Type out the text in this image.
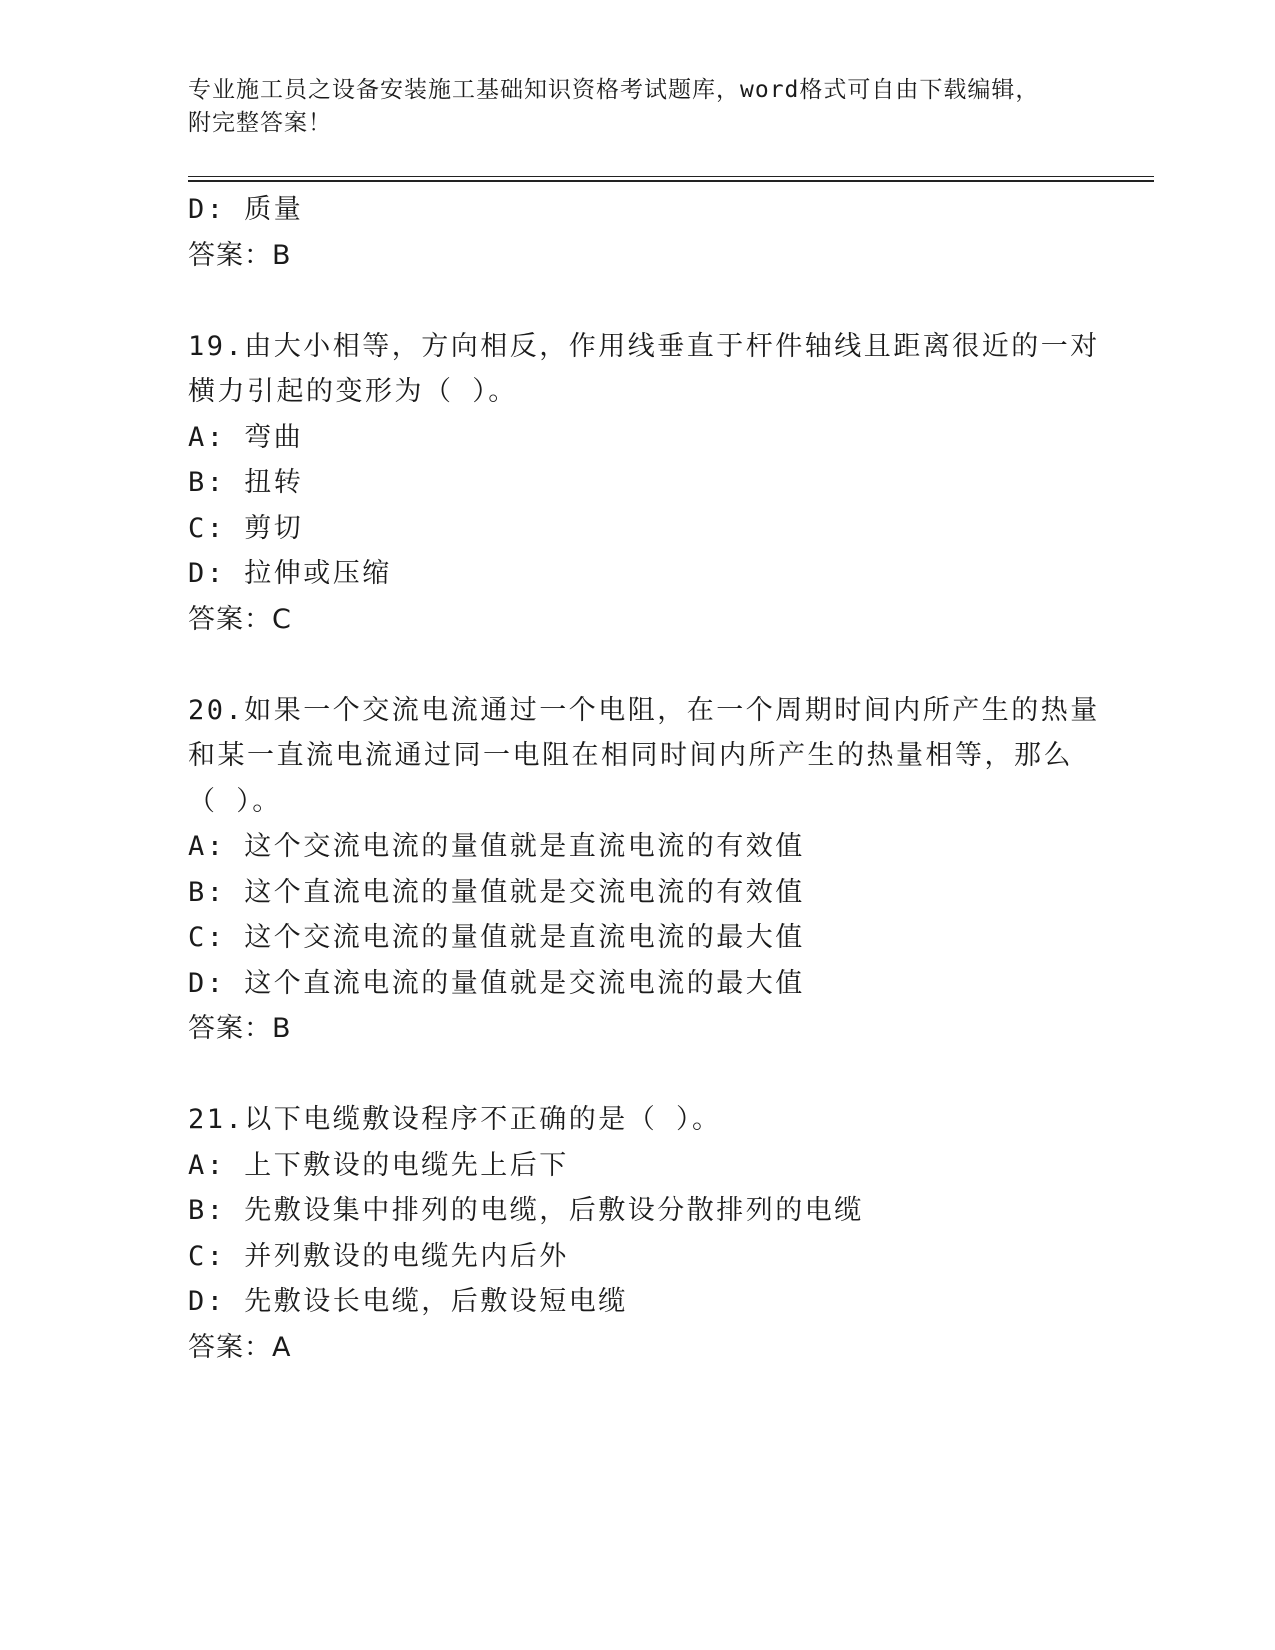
专业施工员之设备安装施工基础知识资格考试题库，word格式可自由下载编辑，
附完整答案！
D: 质量
答案：B
19.由大小相等，方向相反，作用线垂直于杆件轴线且距离很近的一对
横力引起的变形为（ ）。
A: 弯曲
B: 扭转
C: 剪切
D: 拉伸或压缩
答案：C
20.如果一个交流电流通过一个电阻，在一个周期时间内所产生的热量
和某一直流电流通过同一电阻在相同时间内所产生的热量相等，那么
（ ）。
A: 这个交流电流的量值就是直流电流的有效值
B: 这个直流电流的量值就是交流电流的有效值
C: 这个交流电流的量值就是直流电流的最大值
D: 这个直流电流的量值就是交流电流的最大值
答案：B
21.以下电缆敷设程序不正确的是（ ）。
A: 上下敷设的电缆先上后下
B: 先敷设集中排列的电缆，后敷设分散排列的电缆
C: 并列敷设的电缆先内后外
D: 先敷设长电缆，后敷设短电缆
答案：A
